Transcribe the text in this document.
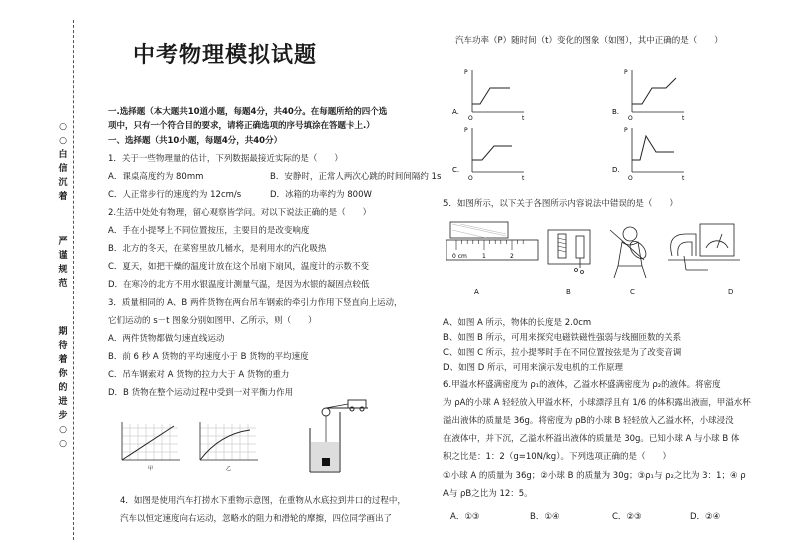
○
○
白
信
沉
着
严
谨
规
范
期
待
着
你
的
进
步
○
○
中考物理模拟试题
一.选择题（本大题共10道小题，每题4分，共40分。在每题所给的四个选
项中，只有一个符合目的要求，请将正确选项的序号填涂在答题卡上.）
一、选择题（共10小题，每题4分，共40分）
1．关于一些物理量的估计，下列数据最接近实际的是（　　）
A．课桌高度约为 80mm	B．安静时，正常人两次心跳的时间间隔约 1s
C．人正常步行的速度约为 12cm/s	D．冰箱的功率约为 800W
2.生活中处处有物理，留心观察皆学问。对以下说法正确的是（　　）
A．手在小提琴上不同位置按压，主要目的是改变响度
B．北方的冬天，在菜窖里放几桶水，是利用水的汽化吸热
C．夏天，如把干燥的温度计放在这个吊扇下扇风，温度计的示数不变
D．在寒冷的北方不用水银温度计测量气温，是因为水银的凝固点较低
3．质量相同的 A、B 两件货物在两台吊车钢索的牵引力作用下竖直向上运动，
它们运动的 s－t 图象分别如图甲、乙所示，则（　　）
A．两件货物都做匀速直线运动
B．前 6 秒 A 货物的平均速度小于 B 货物的平均速度
C．吊车钢索对 A 货物的拉力大于 A 货物的重力
D．B 货物在整个运动过程中受到一对平衡力作用
甲	乙
4．如图是使用汽车打捞水下重物示意图，在重物从水底拉到井口的过程中，
汽车以恒定速度向右运动，忽略水的阻力和滑轮的摩擦，四位同学画出了
汽车功率（P）随时间（t）变化的图象（如图），其中正确的是（　　）
P
O	t
A.
P
O	t
B.
P
O	t
C.
P
O	t
D.
5．如图所示，以下关于各图所示内容说法中错误的是（　　）
0 cm	1	2
A	B	C	D
A、如图 A 所示，物体的长度是 2.0cm
B、如图 B 所示，可用来探究电磁铁磁性强弱与线圈匝数的关系
C、如图 C 所示，拉小提琴时手在不同位置按弦是为了改变音调
D、如图 D 所示，可用来演示发电机的工作原理
6.甲溢水杯盛满密度为 ρ₁的液体，乙溢水杯盛满密度为 ρ₂的液体。将密度
为 ρA的小球 A 轻轻放入甲溢水杯，小球漂浮且有 1/6 的体积露出液面，甲溢水杯
溢出液体的质量是 36g。将密度为 ρB的小球 B 轻轻放入乙溢水杯，小球浸没
在液体中，并下沉，乙溢水杯溢出液体的质量是 30g。已知小球 A 与小球 B 体
积之比是：1：2（g=10N/kg）。下列选项正确的是（　　）
①小球 A 的质量为 36g；②小球 B 的质量为 30g；③ρ₁与 ρ₂之比为 3：1；④ ρ
A与 ρB之比为 12：5。
A．①③	B．①④	C．②③	D．②④
